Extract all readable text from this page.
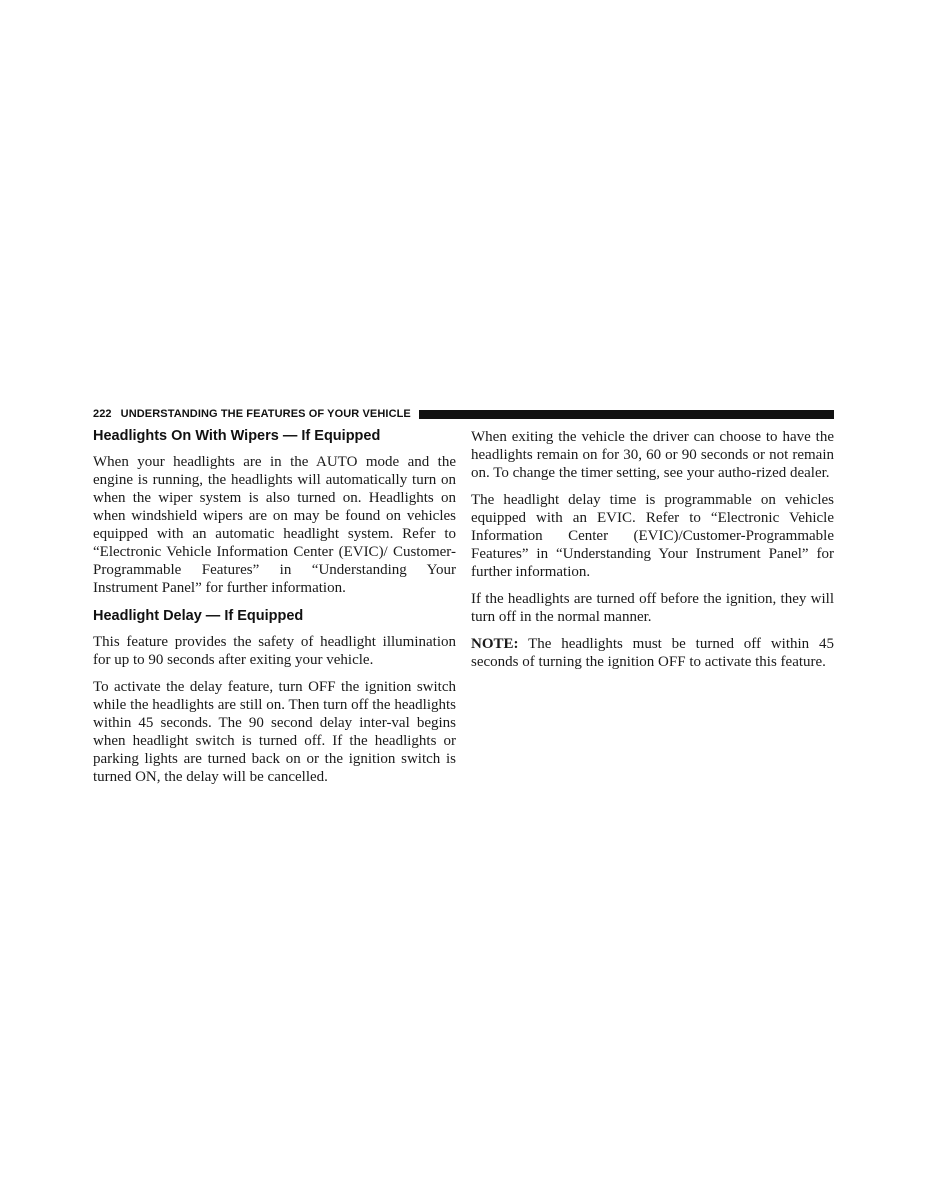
222 UNDERSTANDING THE FEATURES OF YOUR VEHICLE
Headlights On With Wipers — If Equipped

When your headlights are in the AUTO mode and the engine is running, the headlights will automatically turn on when the wiper system is also turned on. Headlights on when windshield wipers are on may be found on vehicles equipped with an automatic headlight system. Refer to “Electronic Vehicle Information Center (EVIC)/ Customer-Programmable Features” in “Understanding Your Instrument Panel” for further information.

Headlight Delay — If Equipped

This feature provides the safety of headlight illumination for up to 90 seconds after exiting your vehicle.

To activate the delay feature, turn OFF the ignition switch while the headlights are still on. Then turn off the headlights within 45 seconds. The 90 second delay inter-val begins when headlight switch is turned off. If the headlights or parking lights are turned back on or the ignition switch is turned ON, the delay will be cancelled.

When exiting the vehicle the driver can choose to have the headlights remain on for 30, 60 or 90 seconds or not remain on. To change the timer setting, see your autho-rized dealer.

The headlight delay time is programmable on vehicles equipped with an EVIC. Refer to “Electronic Vehicle Information Center (EVIC)/Customer-Programmable Features” in “Understanding Your Instrument Panel” for further information.

If the headlights are turned off before the ignition, they will turn off in the normal manner.

NOTE: The headlights must be turned off within 45 seconds of turning the ignition OFF to activate this feature.
